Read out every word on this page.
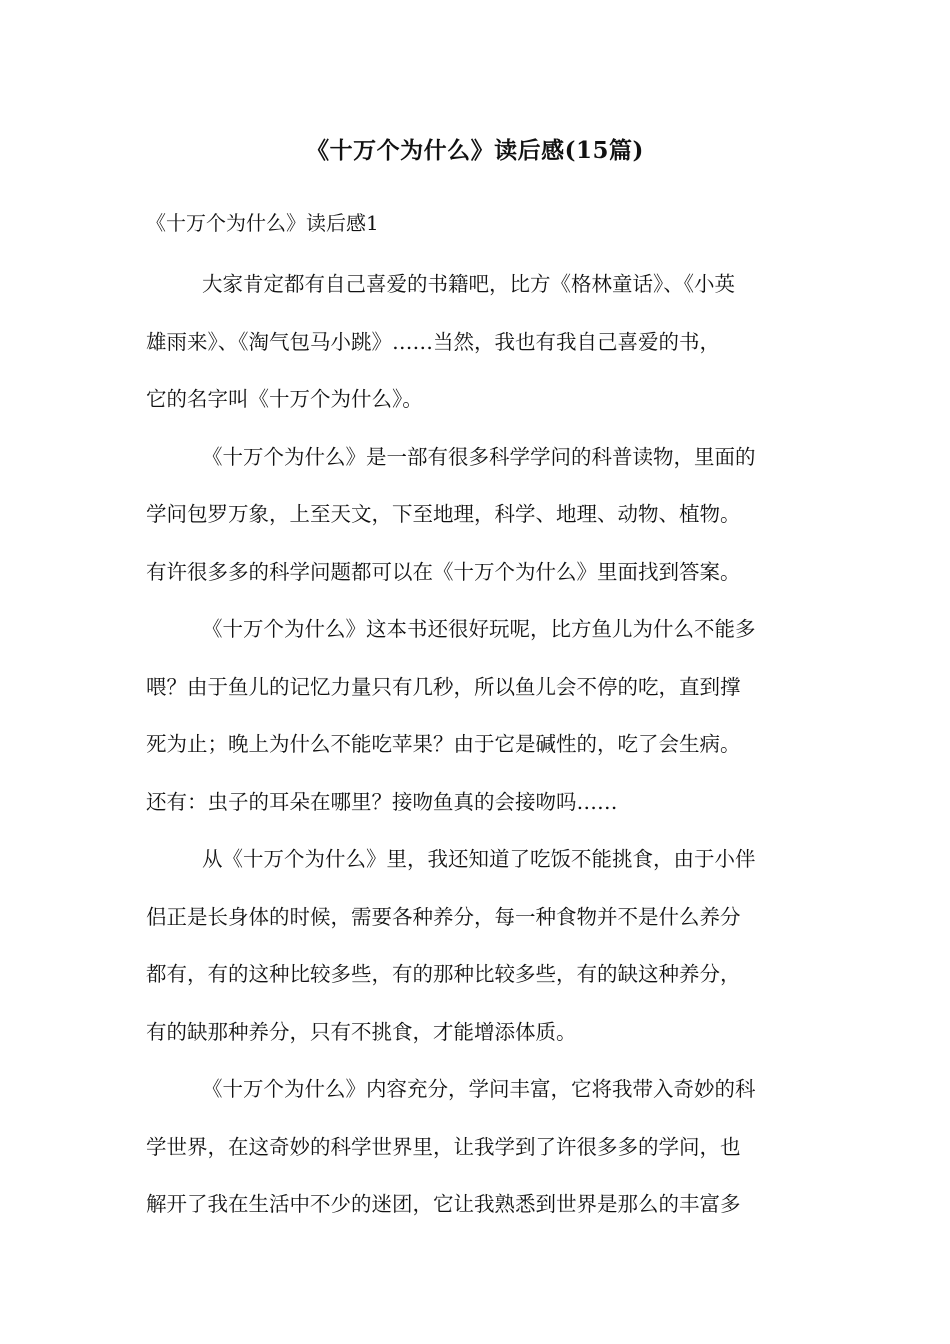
《十万个为什么》读后感(15篇)
《十万个为什么》读后感1
大家肯定都有自己喜爱的书籍吧，比方《格林童话》、《小英
雄雨来》、《淘气包马小跳》……当然，我也有我自己喜爱的书，
它的名字叫《十万个为什么》。
《十万个为什么》是一部有很多科学学问的科普读物，里面的
学问包罗万象，上至天文，下至地理，科学、地理、动物、植物。
有许很多多的科学问题都可以在《十万个为什么》里面找到答案。
《十万个为什么》这本书还很好玩呢，比方鱼儿为什么不能多
喂？由于鱼儿的记忆力量只有几秒，所以鱼儿会不停的吃，直到撑
死为止；晚上为什么不能吃苹果？由于它是碱性的，吃了会生病。
还有：虫子的耳朵在哪里？接吻鱼真的会接吻吗……
从《十万个为什么》里，我还知道了吃饭不能挑食，由于小伴
侣正是长身体的时候，需要各种养分，每一种食物并不是什么养分
都有，有的这种比较多些，有的那种比较多些，有的缺这种养分，
有的缺那种养分，只有不挑食，才能增添体质。
《十万个为什么》内容充分，学问丰富，它将我带入奇妙的科
学世界，在这奇妙的科学世界里，让我学到了许很多多的学问，也
解开了我在生活中不少的迷团，它让我熟悉到世界是那么的丰富多
